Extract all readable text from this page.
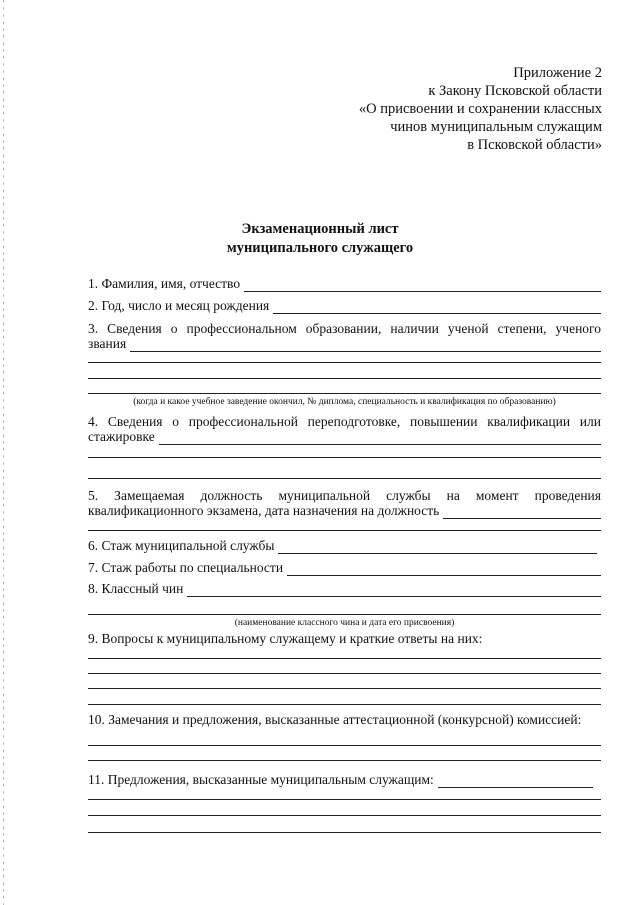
Приложение 2
к Закону Псковской области
«О присвоении и сохранении классных
чинов муниципальным служащим
в Псковской области»
Экзаменационный лист
муниципального служащего
1. Фамилия, имя, отчество
2. Год, число и месяц рождения
3. Сведения о профессиональном образовании, наличии ученой степени, ученого
звания
(когда и какое учебное заведение окончил, № диплома, специальность и квалификация по образованию)
4. Сведения о профессиональной переподготовке, повышении квалификации или
стажировке
5. Замещаемая должность муниципальной службы на момент проведения
квалификационного экзамена, дата назначения на должность
6. Стаж муниципальной службы
7. Стаж работы по специальности
8. Классный чин
(наименование классного чина и дата его присвоения)
9. Вопросы к муниципальному служащему и краткие ответы на них:
10. Замечания и предложения, высказанные аттестационной (конкурсной) комиссией:
11. Предложения, высказанные муниципальным служащим:
